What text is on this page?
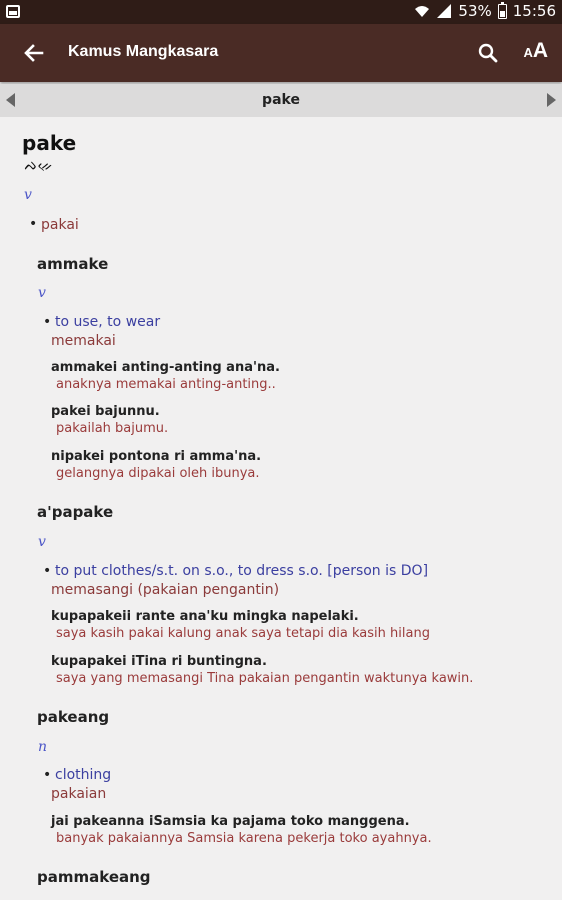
53% 15:56
Kamus Mangkasara	AA
pake
pake
ᨄᨀᨙ
v
• pakai
ammake
v
• to use, to wear
memakai
ammakei anting-anting ana'na.
anaknya memakai anting-anting..
pakei bajunnu.
pakailah bajumu.
nipakei pontona ri amma'na.
gelangnya dipakai oleh ibunya.
a'papake
v
• to put clothes/s.t. on s.o., to dress s.o. [person is DO]
memasangi (pakaian pengantin)
kupapakeii rante ana'ku mingka napelaki.
saya kasih pakai kalung anak saya tetapi dia kasih hilang
kupapakei iTina ri buntingna.
saya yang memasangi Tina pakaian pengantin waktunya kawin.
pakeang
n
• clothing
pakaian
jai pakeanna iSamsia ka pajama toko manggena.
banyak pakaiannya Samsia karena pekerja toko ayahnya.
pammakeang
